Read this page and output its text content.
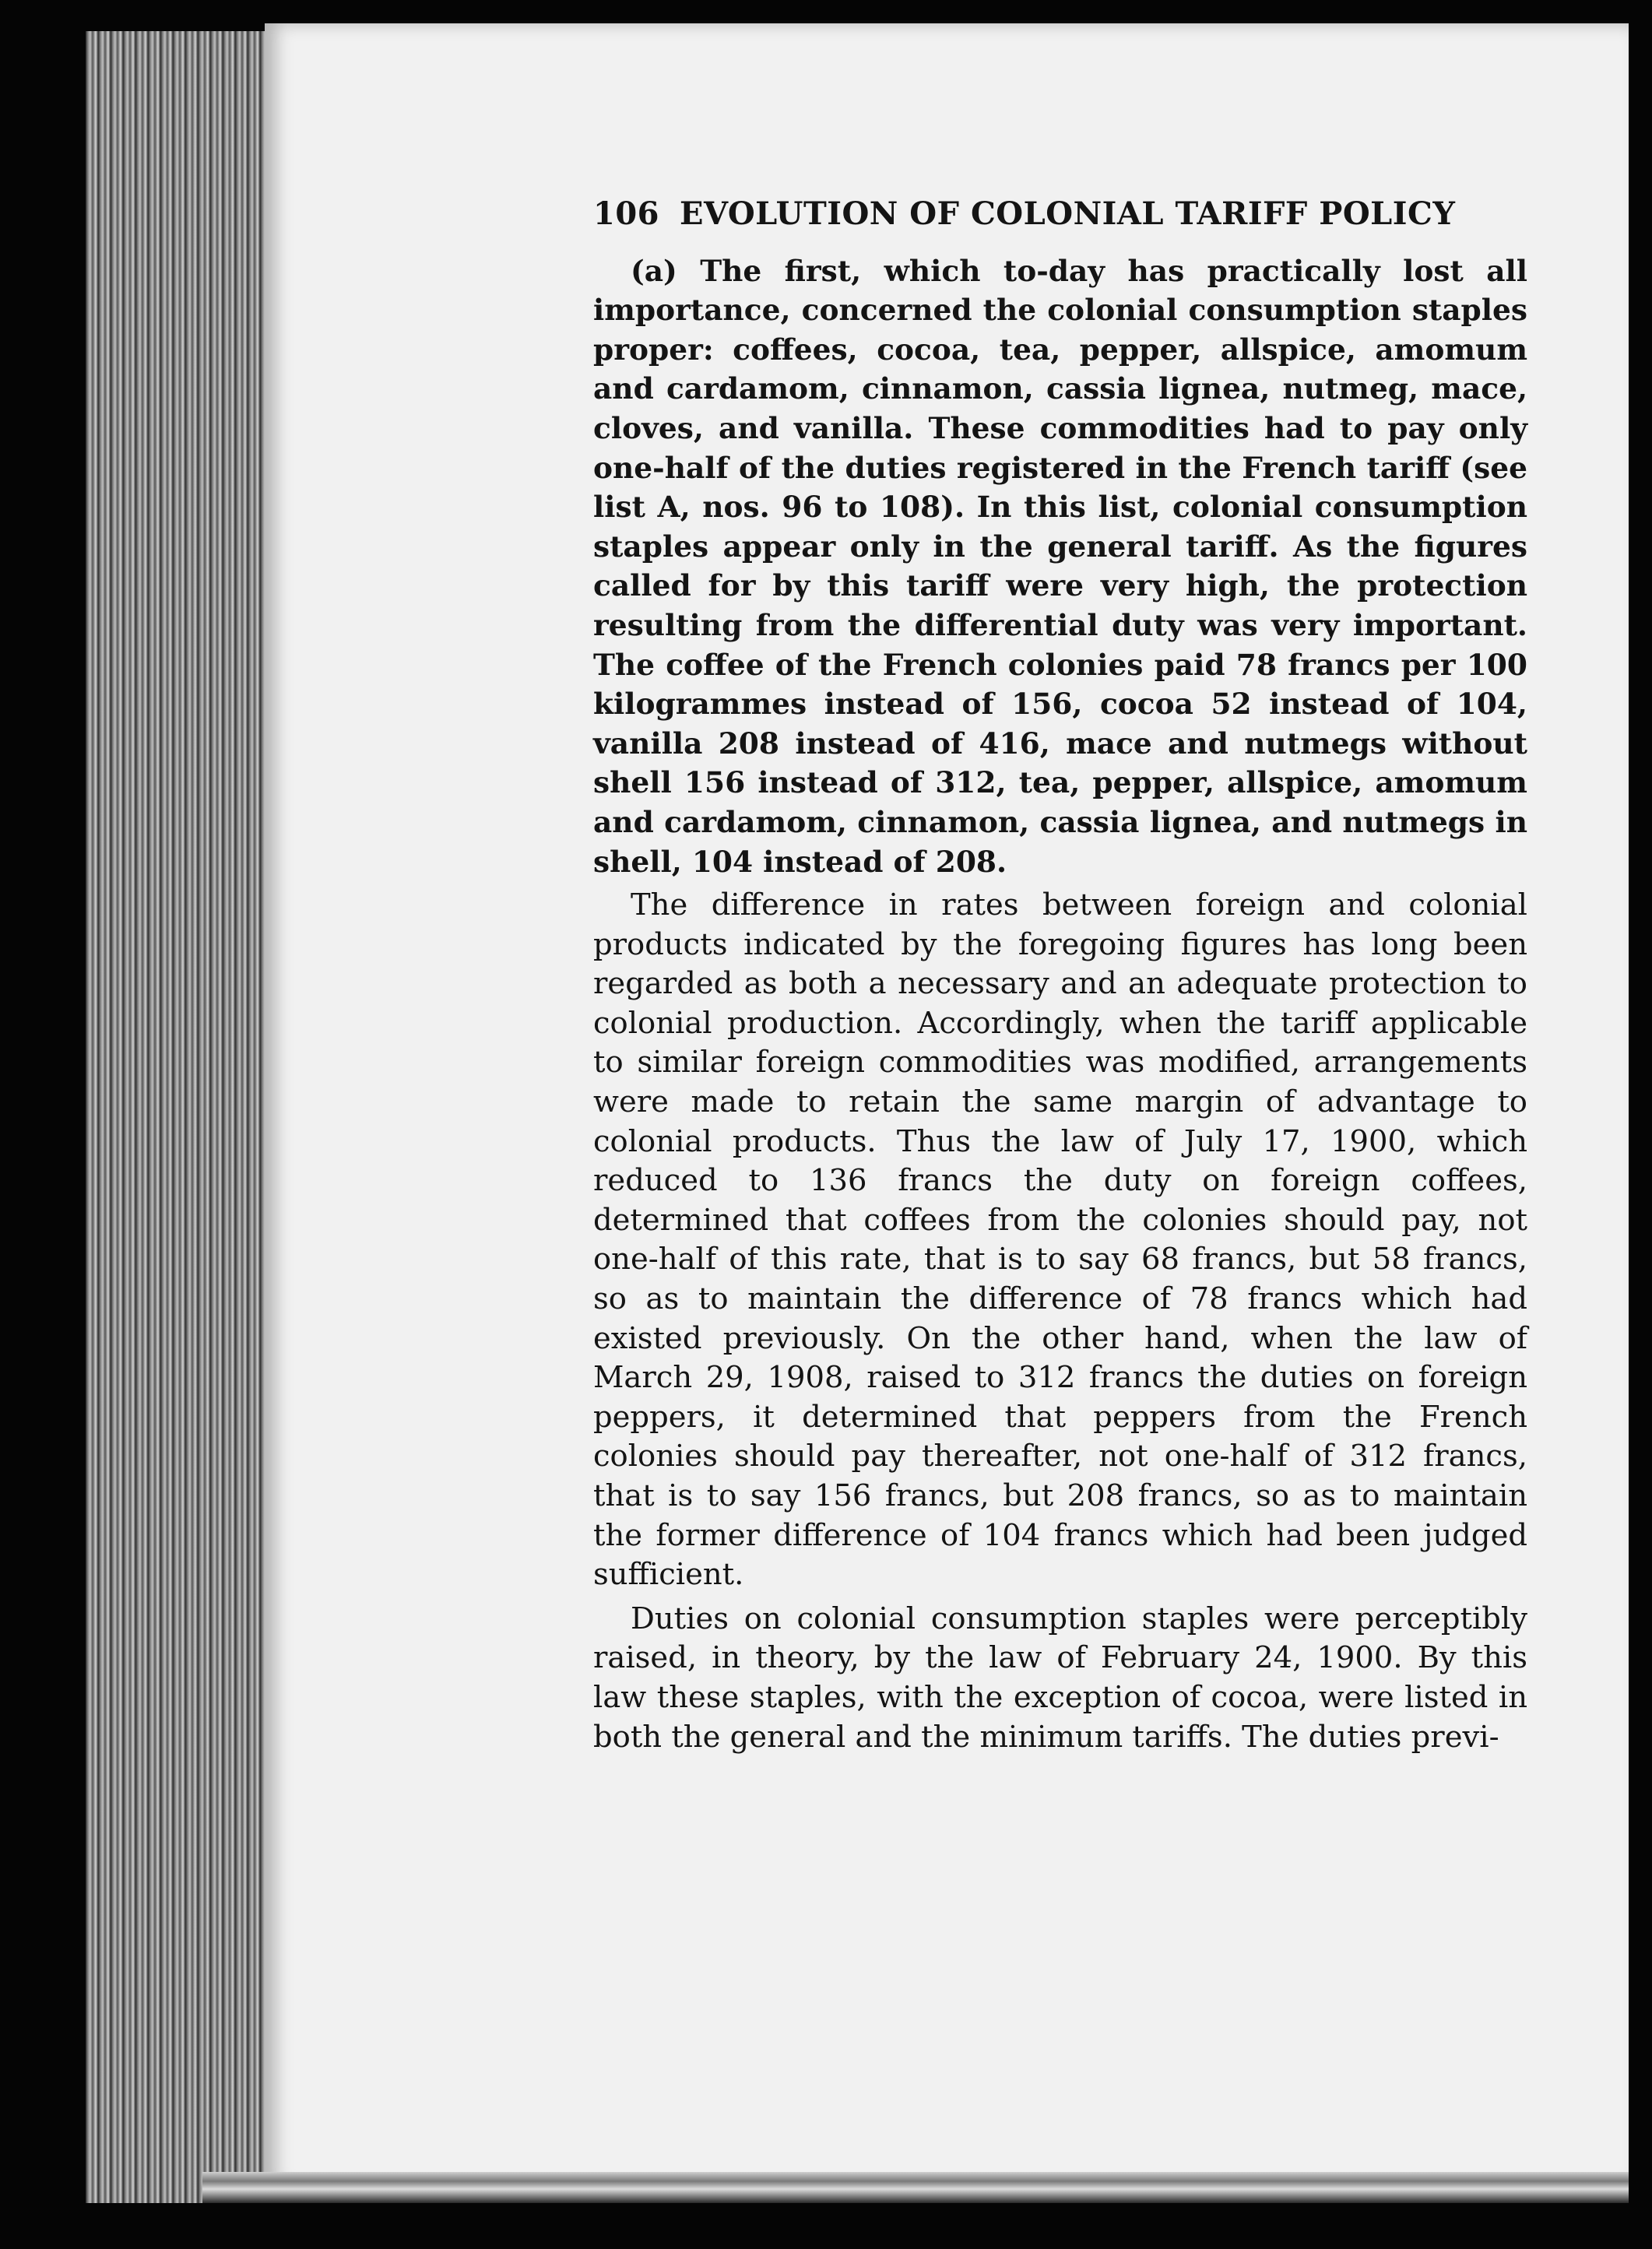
106 EVOLUTION OF COLONIAL TARIFF POLICY

(a) The first, which to-day has practically lost all importance, concerned the colonial consumption staples proper: coffees, cocoa, tea, pepper, allspice, amomum and cardamom, cinnamon, cassia lignea, nutmeg, mace, cloves, and vanilla. These commodities had to pay only one-half of the duties registered in the French tariff (see list A, nos. 96 to 108). In this list, colonial consumption staples appear only in the general tariff. As the figures called for by this tariff were very high, the protection resulting from the differential duty was very important. The coffee of the French colonies paid 78 francs per 100 kilogrammes instead of 156, cocoa 52 instead of 104, vanilla 208 instead of 416, mace and nutmegs without shell 156 instead of 312, tea, pepper, allspice, amomum and cardamom, cinnamon, cassia lignea, and nutmegs in shell, 104 instead of 208.

The difference in rates between foreign and colonial products indicated by the foregoing figures has long been regarded as both a necessary and an adequate protection to colonial production. Accordingly, when the tariff applicable to similar foreign commodities was modified, arrangements were made to retain the same margin of advantage to colonial products. Thus the law of July 17, 1900, which reduced to 136 francs the duty on foreign coffees, determined that coffees from the colonies should pay, not one-half of this rate, that is to say 68 francs, but 58 francs, so as to maintain the difference of 78 francs which had existed previously. On the other hand, when the law of March 29, 1908, raised to 312 francs the duties on foreign peppers, it determined that peppers from the French colonies should pay thereafter, not one-half of 312 francs, that is to say 156 francs, but 208 francs, so as to maintain the former difference of 104 francs which had been judged sufficient.

Duties on colonial consumption staples were perceptibly raised, in theory, by the law of February 24, 1900. By this law these staples, with the exception of cocoa, were listed in both the general and the minimum tariffs. The duties previ-
